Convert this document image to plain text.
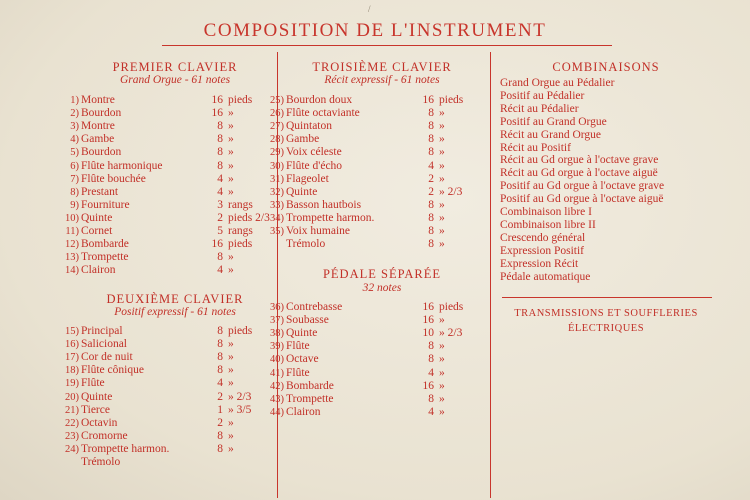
/
COMPOSITION DE L'INSTRUMENT
PREMIER CLAVIER
Grand Orgue - 61 notes
1) Montre	16 pieds
2) Bourdon	16 »
3) Montre	8 »
4) Gambe	8 »
5) Bourdon	8 »
6) Flûte harmonique	8 »
7) Flûte bouchée	4 »
8) Prestant	4 »
9) Fourniture	3 rangs
10) Quinte	2 pieds 2/3
11) Cornet	5 rangs
12) Bombarde	16 pieds
13) Trompette	8 »
14) Clairon	4 »
DEUXIÈME CLAVIER
Positif expressif - 61 notes
15) Principal	8 pieds
16) Salicional	8 »
17) Cor de nuit	8 »
18) Flûte cônique	8 »
19) Flûte	4 »
20) Quinte	2 » 2/3
21) Tierce	1 » 3/5
22) Octavin	2 »
23) Cromorne	8 »
24) Trompette harmon.	8 »
Trémolo
TROISIÈME CLAVIER
Récit expressif - 61 notes
25) Bourdon doux	16 pieds
26) Flûte octaviante	8 »
27) Quintaton	8 »
28) Gambe	8 »
29) Voix céleste	8 »
30) Flûte d'écho	4 »
31) Flageolet	2 »
32) Quinte	2 » 2/3
33) Basson hautbois	8 »
34) Trompette harmon.	8 »
35) Voix humaine	8 »
Trémolo	8 »
PÉDALE SÉPARÉE
32 notes
36) Contrebasse	16 pieds
37) Soubasse	16 »
38) Quinte	10 » 2/3
39) Flûte	8 »
40) Octave	8 »
41) Flûte	4 »
42) Bombarde	16 »
43) Trompette	8 »
44) Clairon	4 »
COMBINAISONS
Grand Orgue au Pédalier
Positif au Pédalier
Récit au Pédalier
Positif au Grand Orgue
Récit au Grand Orgue
Récit au Positif
Récit au Gd orgue à l'octave grave
Récit au Gd orgue à l'octave aiguë
Positif au Gd orgue à l'octave grave
Positif au Gd orgue à l'octave aiguë
Combinaison libre I
Combinaison libre II
Crescendo général
Expression Positif
Expression Récit
Pédale automatique
TRANSMISSIONS ET SOUFFLERIES
ÉLECTRIQUES
